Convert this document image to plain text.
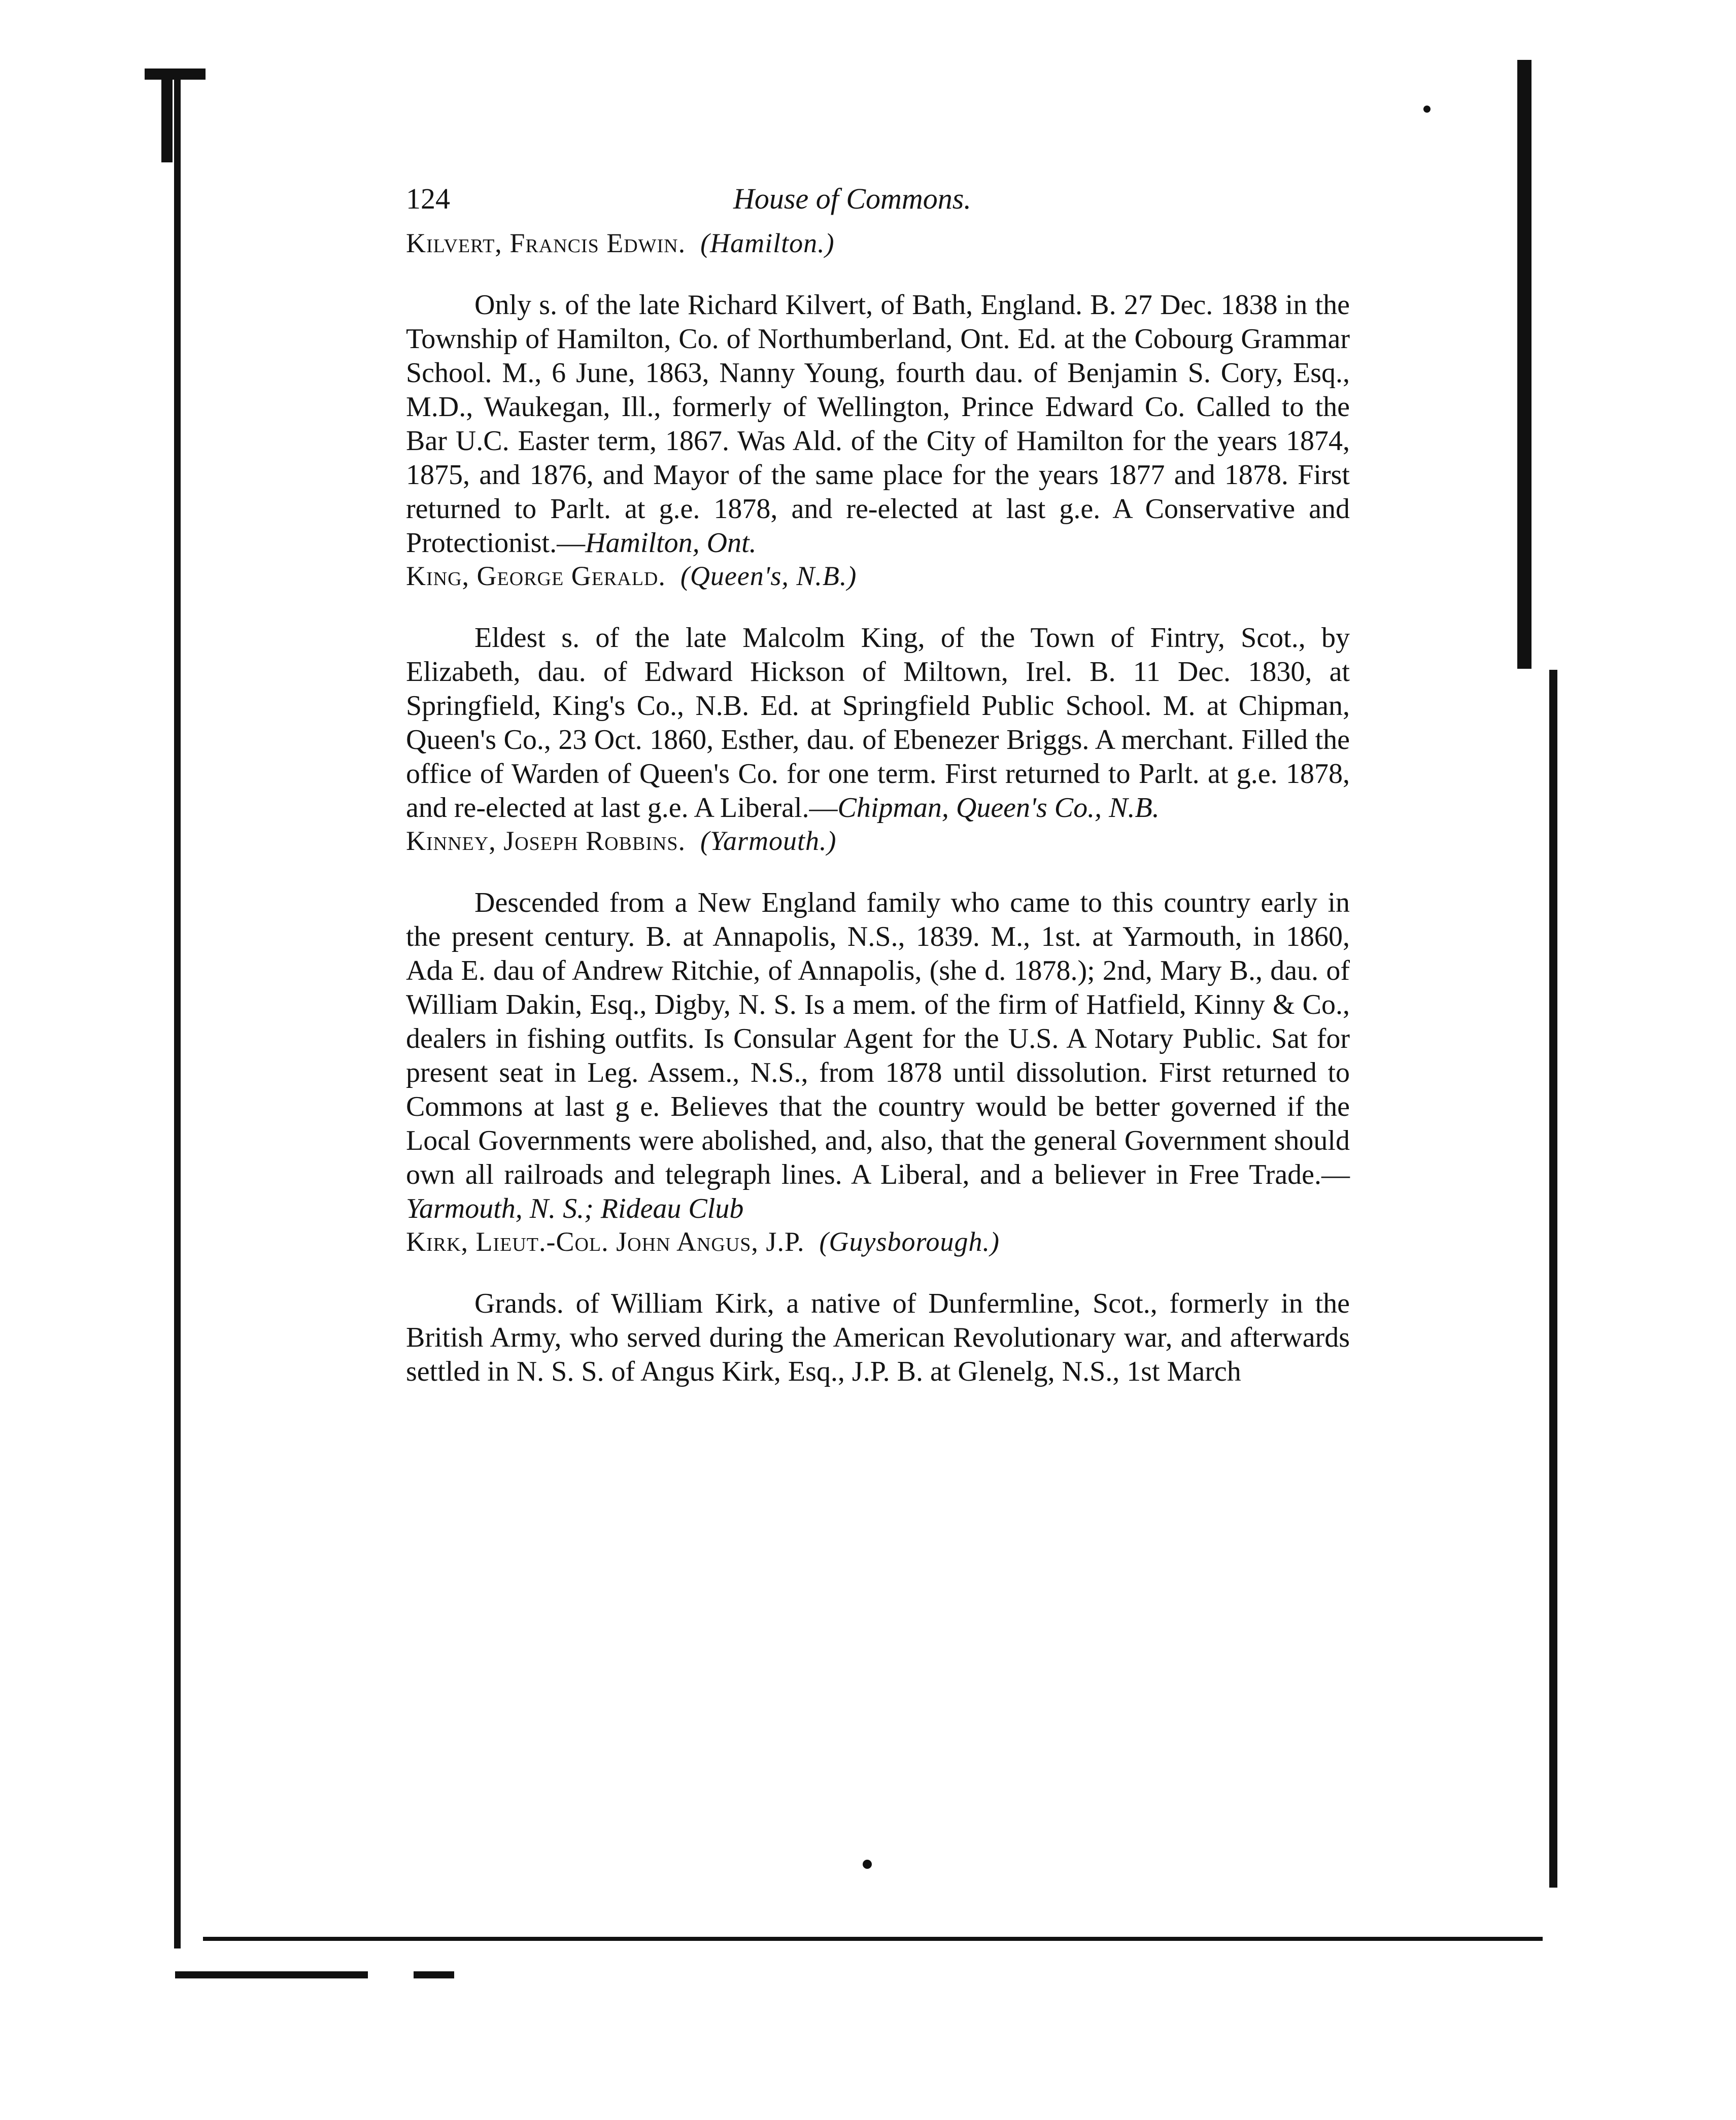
124	House of Commons.
Kilvert, Francis Edwin. (Hamilton.)

Only s. of the late Richard Kilvert, of Bath, England. B. 27 Dec. 1838 in the Township of Hamilton, Co. of Northumberland, Ont. Ed. at the Cobourg Grammar School. M., 6 June, 1863, Nanny Young, fourth dau. of Benjamin S. Cory, Esq., M.D., Waukegan, Ill., formerly of Wellington, Prince Edward Co. Called to the Bar U.C. Easter term, 1867. Was Ald. of the City of Hamilton for the years 1874, 1875, and 1876, and Mayor of the same place for the years 1877 and 1878. First returned to Parlt. at g.e. 1878, and re-elected at last g.e. A Conservative and Protectionist.—Hamilton, Ont.

King, George Gerald. (Queen's, N.B.)

Eldest s. of the late Malcolm King, of the Town of Fintry, Scot., by Elizabeth, dau. of Edward Hickson of Miltown, Irel. B. 11 Dec. 1830, at Springfield, King's Co., N.B. Ed. at Springfield Public School. M. at Chipman, Queen's Co., 23 Oct. 1860, Esther, dau. of Ebenezer Briggs. A merchant. Filled the office of Warden of Queen's Co. for one term. First returned to Parlt. at g.e. 1878, and re-elected at last g.e. A Liberal.—Chipman, Queen's Co., N.B.

Kinney, Joseph Robbins. (Yarmouth.)

Descended from a New England family who came to this country early in the present century. B. at Annapolis, N.S., 1839. M., 1st. at Yarmouth, in 1860, Ada E. dau of Andrew Ritchie, of Annapolis, (she d. 1878.); 2nd, Mary B., dau. of William Dakin, Esq., Digby, N. S. Is a mem. of the firm of Hatfield, Kinny & Co., dealers in fishing outfits. Is Consular Agent for the U.S. A Notary Public. Sat for present seat in Leg. Assem., N.S., from 1878 until dissolution. First returned to Commons at last g e. Believes that the country would be better governed if the Local Governments were abolished, and, also, that the general Government should own all railroads and telegraph lines. A Liberal, and a believer in Free Trade.—Yarmouth, N. S.; Rideau Club

Kirk, Lieut.-Col. John Angus, J.P. (Guysborough.)

Grands. of William Kirk, a native of Dunfermline, Scot., formerly in the British Army, who served during the American Revolutionary war, and afterwards settled in N. S. S. of Angus Kirk, Esq., J.P. B. at Glenelg, N.S., 1st March
